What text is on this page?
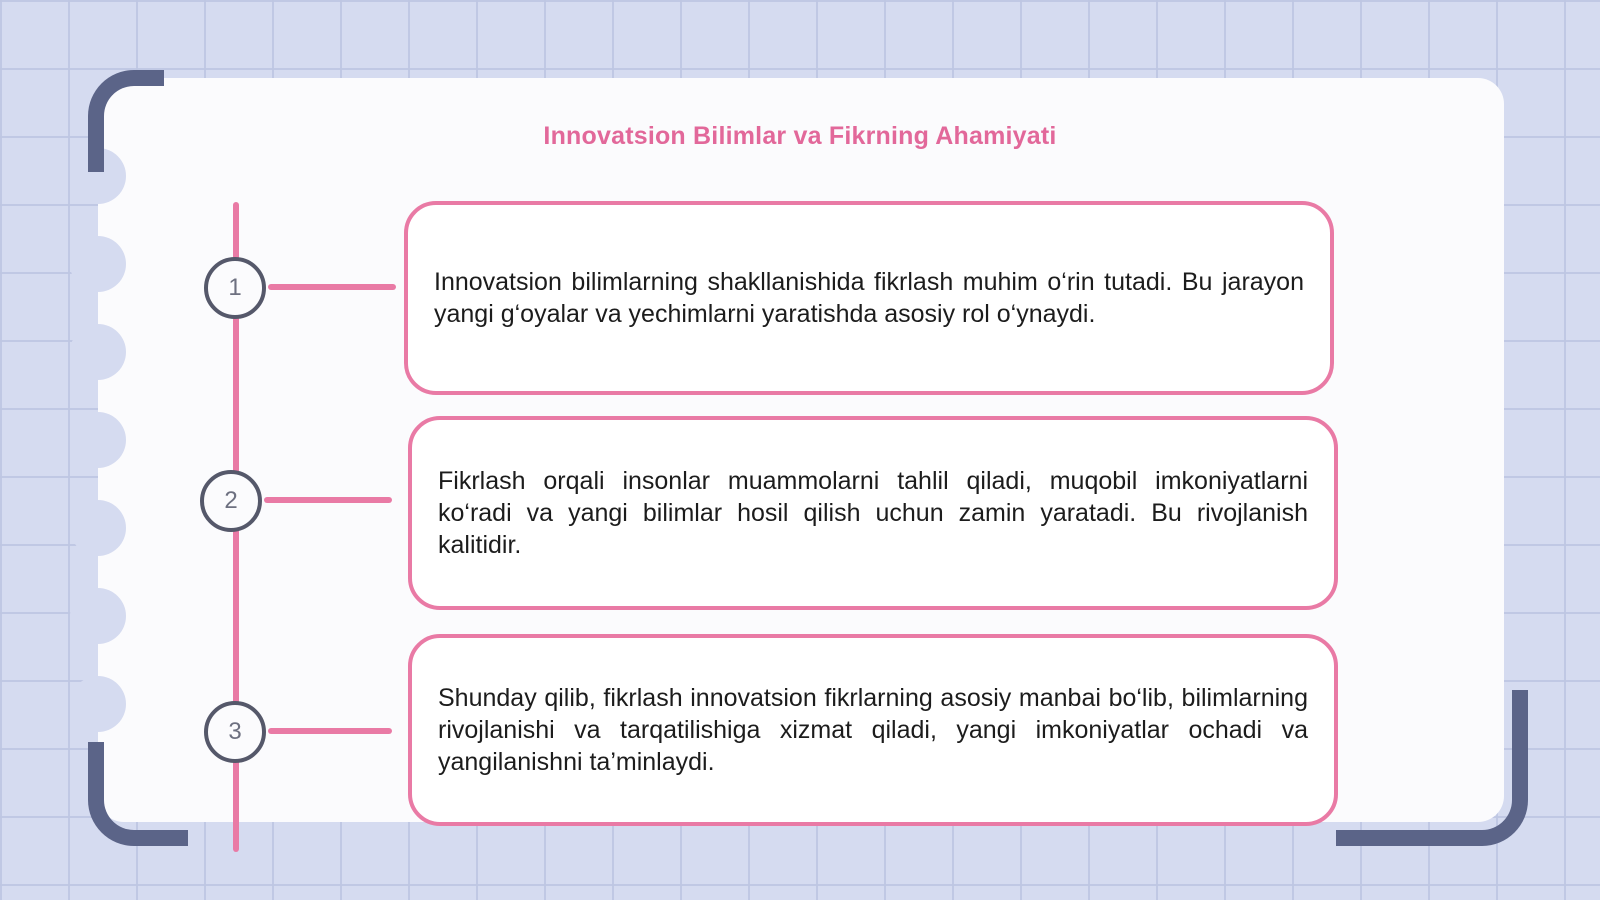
Innovatsion Bilimlar va Fikrning Ahamiyati
1	Innovatsion bilimlarning shakllanishida fikrlash muhim o‘rin tutadi. Bu jarayon yangi g‘oyalar va yechimlarni yaratishda asosiy rol o‘ynaydi.

2

Fikrlash orqali insonlar muammolarni tahlil qiladi, muqobil imkoniyatlarni ko‘radi va yangi bilimlar hosil qilish uchun zamin yaratadi. Bu rivojlanish kalitidir.

3

Shunday qilib, fikrlash innovatsion fikrlarning asosiy manbai bo‘lib, bilimlarning rivojlanishi va tarqatilishiga xizmat qiladi, yangi imkoniyatlar ochadi va yangilanishni ta’minlaydi.
